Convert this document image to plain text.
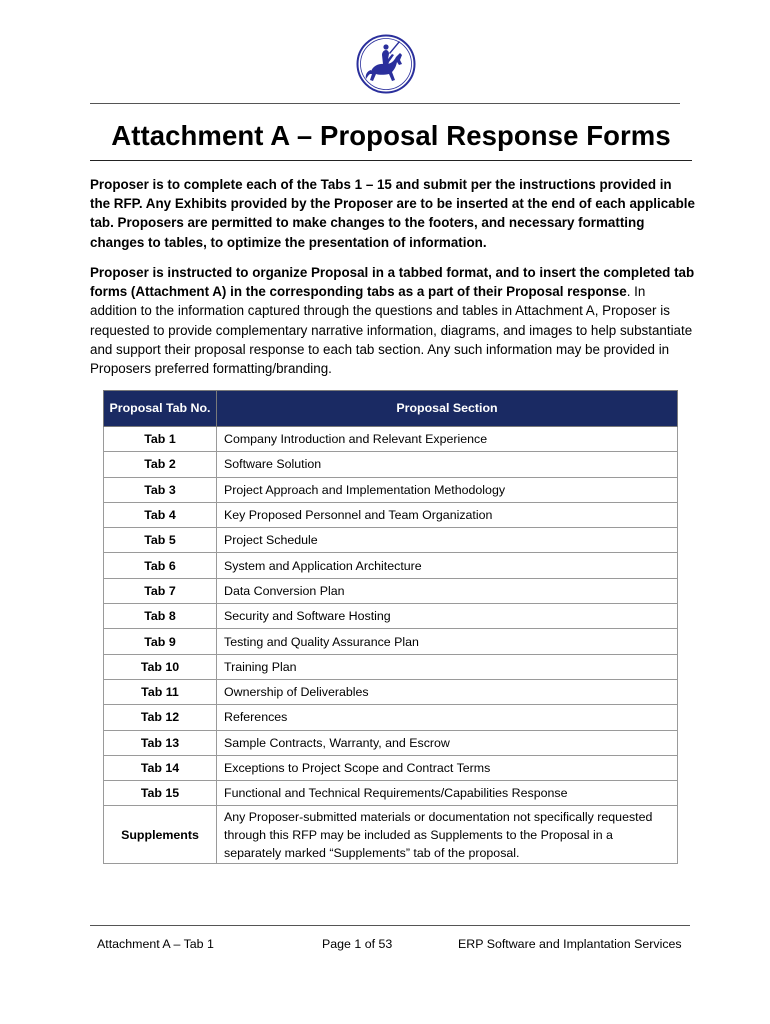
Attachment A – Proposal Response Forms

Proposer is to complete each of the Tabs 1 – 15 and submit per the instructions provided in the RFP. Any Exhibits provided by the Proposer are to be inserted at the end of each applicable tab. Proposers are permitted to make changes to the footers, and necessary formatting changes to tables, to optimize the presentation of information.

Proposer is instructed to organize Proposal in a tabbed format, and to insert the completed tab forms (Attachment A) in the corresponding tabs as a part of their Proposal response. In addition to the information captured through the questions and tables in Attachment A, Proposer is requested to provide complementary narrative information, diagrams, and images to help substantiate and support their proposal response to each tab section. Any such information may be provided in Proposers preferred formatting/branding.

Proposal Tab No.	Proposal Section
Tab 1	Company Introduction and Relevant Experience
Tab 2	Software Solution
Tab 3	Project Approach and Implementation Methodology
Tab 4	Key Proposed Personnel and Team Organization
Tab 5	Project Schedule
Tab 6	System and Application Architecture
Tab 7	Data Conversion Plan
Tab 8	Security and Software Hosting
Tab 9	Testing and Quality Assurance Plan
Tab 10	Training Plan
Tab 11	Ownership of Deliverables
Tab 12	References
Tab 13	Sample Contracts, Warranty, and Escrow
Tab 14	Exceptions to Project Scope and Contract Terms
Tab 15	Functional and Technical Requirements/Capabilities Response
Supplements	Any Proposer-submitted materials or documentation not specifically requested through this RFP may be included as Supplements to the Proposal in a separately marked “Supplements” tab of the proposal.
Attachment A – Tab 1	Page 1 of 53	ERP Software and Implantation Services
